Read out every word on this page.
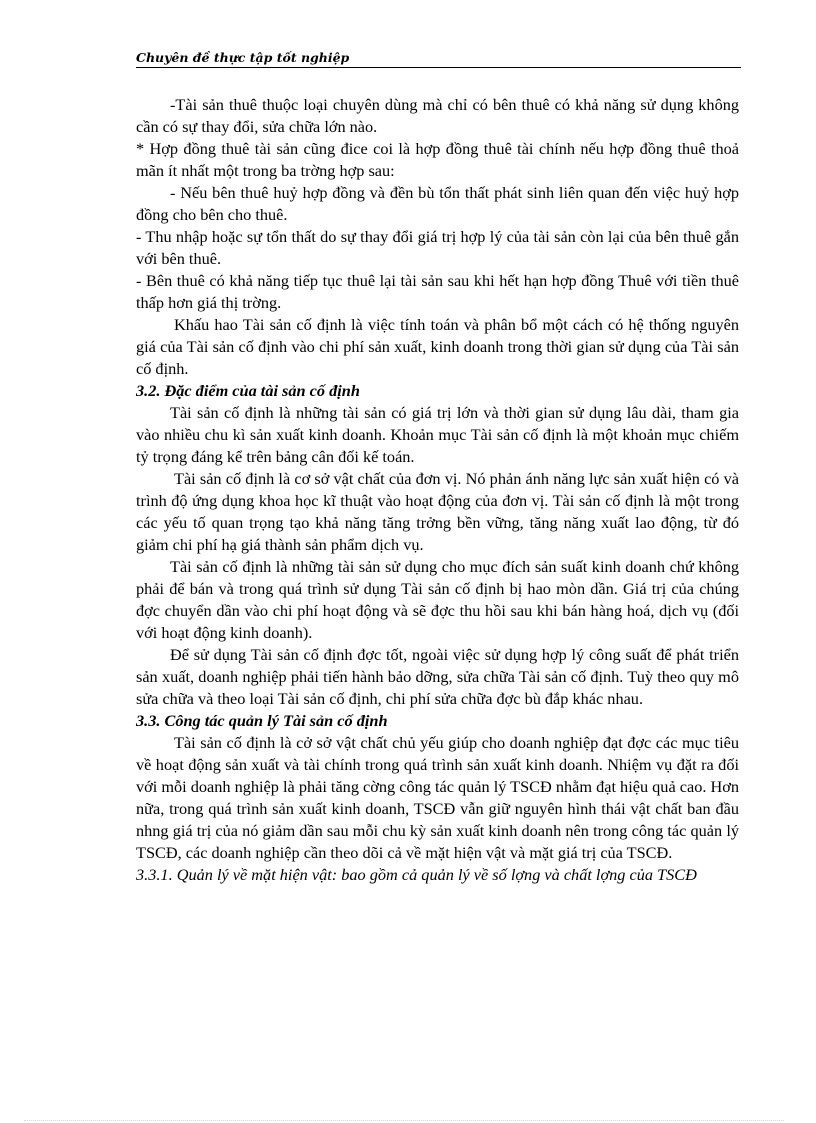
Chuyên đề thực tập tốt nghiệp

-Tài sản thuê thuộc loại chuyên dùng mà chỉ có bên thuê có khả năng sử dụng không cần có sự thay đổi, sửa chữa lớn nào.

* Hợp đồng thuê tài sản cũng đice coi là hợp đồng thuê tài chính nếu hợp đồng thuê thoả mãn ít nhất một trong ba trờng hợp sau:

- Nếu bên thuê huỷ hợp đồng và đền bù tổn thất phát sinh liên quan đến việc huỷ hợp đồng cho bên cho thuê.

- Thu nhập hoặc sự tổn thất do sự thay đổi giá trị hợp lý của tài sản còn lại của bên thuê gắn với bên thuê.

- Bên thuê có khả năng tiếp tục thuê lại tài sản sau khi hết hạn hợp đồng Thuê với tiền thuê thấp hơn giá thị trờng.

Khấu hao Tài sản cố định là việc tính toán và phân bổ một cách có hệ thống nguyên giá của Tài sản cố định vào chi phí sản xuất, kinh doanh trong thời gian sử dụng của Tài sản cố định.

3.2. Đặc điểm của tài sản cố định

Tài sản cố định là những tài sản có giá trị lớn và thời gian sử dụng lâu dài, tham gia vào nhiều chu kì sản xuất kinh doanh. Khoản mục Tài sản cố định là một khoản mục chiếm tỷ trọng đáng kể trên bảng cân đối kế toán.

Tài sản cố định là cơ sở vật chất của đơn vị. Nó phản ánh năng lực sản xuất hiện có và trình độ ứng dụng khoa học kĩ thuật vào hoạt động của đơn vị. Tài sản cố định là một trong các yếu tố quan trọng tạo khả năng tăng trởng bền vững, tăng năng xuất lao động, từ đó giảm chi phí hạ giá thành sản phẩm dịch vụ.

Tài sản cố định là những tài sản sử dụng cho mục đích sản suất kinh doanh chứ không phải để bán và trong quá trình sử dụng Tài sản cố định bị hao mòn dần. Giá trị của chúng đợc chuyển dần vào chi phí hoạt động và sẽ đợc thu hồi sau khi bán hàng hoá, dịch vụ (đối với hoạt động kinh doanh).

Để sử dụng Tài sản cố định đợc tốt, ngoài việc sử dụng hợp lý công suất để phát triển sản xuất, doanh nghiệp phải tiến hành bảo dỡng, sửa chữa Tài sản cố định. Tuỳ theo quy mô sửa chữa và theo loại Tài sản cố định, chi phí sửa chữa đợc bù đắp khác nhau.

3.3. Công tác quản lý Tài sản cố định

Tài sản cố định là cở sở vật chất chủ yếu giúp cho doanh nghiệp đạt đợc các mục tiêu về hoạt động sản xuất và tài chính trong quá trình sản xuất kinh doanh. Nhiệm vụ đặt ra đối với mỗi doanh nghiệp là phải tăng cờng công tác quản lý TSCĐ nhằm đạt hiệu quả cao. Hơn nữa, trong quá trình sản xuất kinh doanh, TSCĐ vẫn giữ nguyên hình thái vật chất ban đầu nhng giá trị của nó giảm dần sau mỗi chu kỳ sản xuất kinh doanh nên trong công tác quản lý TSCĐ, các doanh nghiệp cần theo dõi cả về mặt hiện vật và mặt giá trị của TSCĐ.

3.3.1. Quản lý về mặt hiện vật: bao gồm cả quản lý về số lợng và chất lợng của TSCĐ
